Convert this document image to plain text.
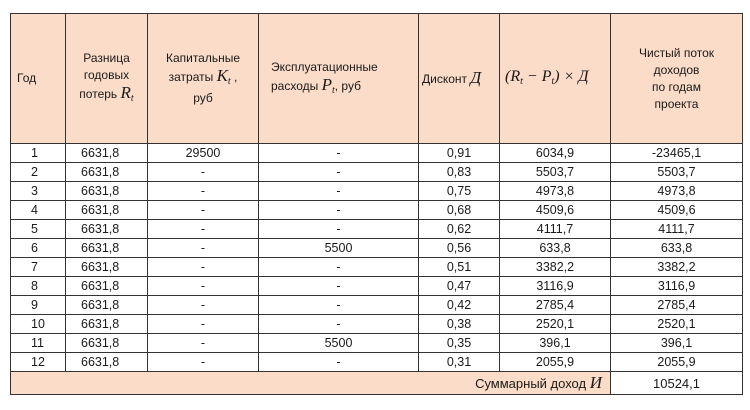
Год	Разница
годовых
потерь $R_t$	Капитальные
затраты $K_t$ ,
руб	Эксплуатационные
расходы $P_t$, руб	Дисконт Д	$(R_t - P_t) \times Д$	Чистый поток
доходов
по годам
проекта
1	6631,8	29500	-	0,91	6034,9	-23465,1
2	6631,8	-	-	0,83	5503,7	5503,7
3	6631,8	-	-	0,75	4973,8	4973,8
4	6631,8	-	-	0,68	4509,6	4509,6
5	6631,8	-	-	0,62	4111,7	4111,7
6	6631,8	-	5500	0,56	633,8	633,8
7	6631,8	-	-	0,51	3382,2	3382,2
8	6631,8	-	-	0,47	3116,9	3116,9
9	6631,8	-	-	0,42	2785,4	2785,4
10	6631,8	-	-	0,38	2520,1	2520,1
11	6631,8	-	5500	0,35	396,1	396,1
12	6631,8	-	-	0,31	2055,9	2055,9
Суммарный доход И						10524,1
